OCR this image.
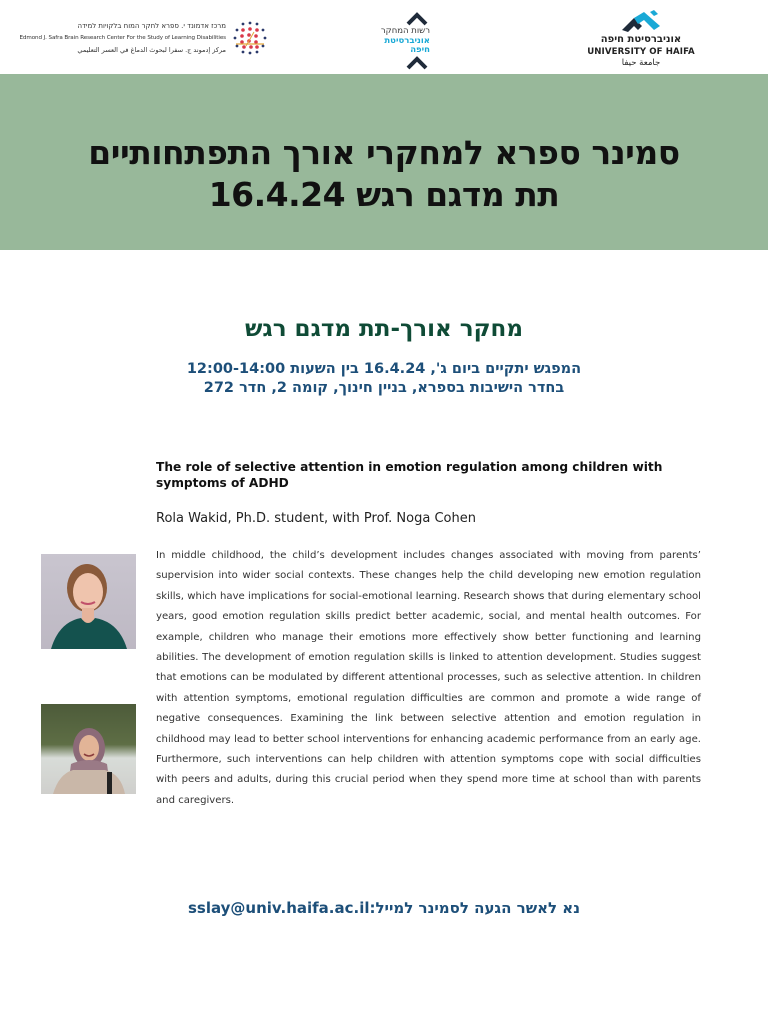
מרכז אדמונד י. ספרא לחקר המוח בלקויות למידה
Edmond J. Safra Brain Research Center For the Study of Learning Disabilities
مركز إدموند ج. سفرا لبحوث الدماغ في العسر التعليمي
רשות המחקר
אוניברסיטת
חיפה
אוניברסיטת חיפה
UNIVERSITY OF HAIFA
جامعة حيفا
סמינר ספרא למחקרי אורך התפתחותיים
תת מדגם רגש 16.4.24
מחקר אורך-תת מדגם רגש
המפגש יתקיים ביום ג', 16.4.24 בין השעות 12:00-14:00
בחדר הישיבות בספרא, בניין חינוך, קומה 2, חדר 272
The role of selective attention in emotion regulation among children with symptoms of ADHD
Rola Wakid, Ph.D. student, with Prof. Noga Cohen
In middle childhood, the child’s development includes changes associated with moving from parents’ supervision into wider social contexts. These changes help the child developing new emotion regulation skills, which have implications for social-emotional learning. Research shows that during elementary school years, good emotion regulation skills predict better academic, social, and mental health outcomes. For example, children who manage their emotions more effectively show better functioning and learning abilities. The development of emotion regulation skills is linked to attention development. Studies suggest that emotions can be modulated by different attentional processes, such as selective attention. In children with attention symptoms, emotional regulation difficulties are common and promote a wide range of negative consequences. Examining the link between selective attention and emotion regulation in childhood may lead to better school interventions for enhancing academic performance from an early age. Furthermore, such interventions can help children with attention symptoms cope with social difficulties with peers and adults, during this crucial period when they spend more time at school than with parents and caregivers.
נא לאשר הגעה לסמינר למייל:sslay@univ.haifa.ac.il
